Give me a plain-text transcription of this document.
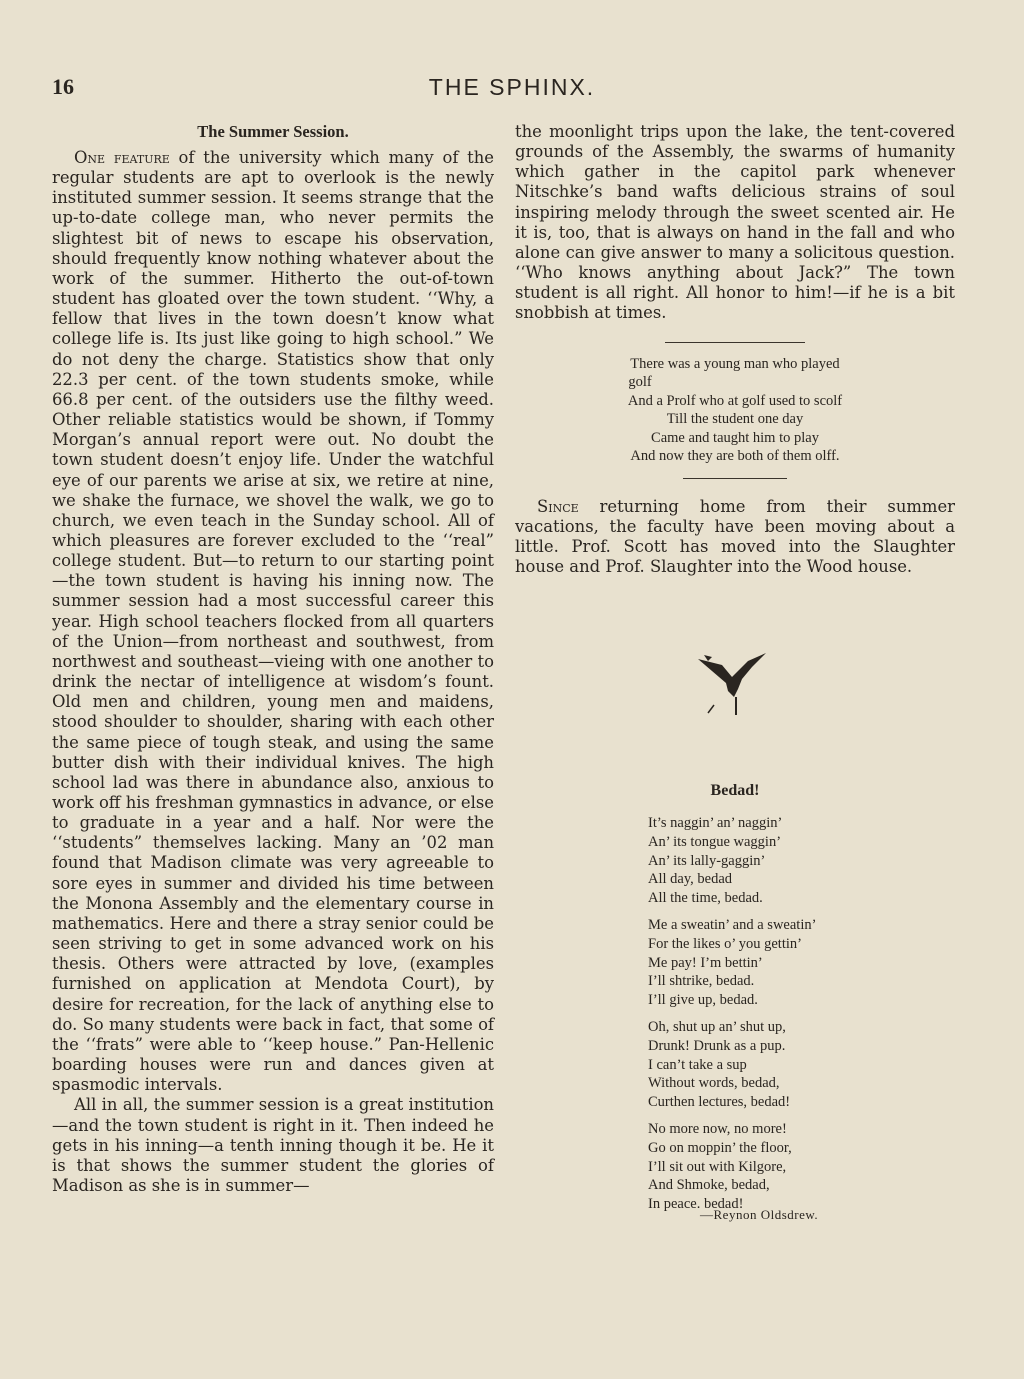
16	THE SPHINX.
The Summer Session.

One feature of the university which many of the regular students are apt to overlook is the newly instituted summer session. It seems strange that the up-to-date college man, who never permits the slightest bit of news to escape his observation, should frequently know nothing whatever about the work of the summer. Hitherto the out-of-town student has gloated over the town student. ‘‘Why, a fellow that lives in the town doesn’t know what college life is. Its just like going to high school.” We do not deny the charge. Statistics show that only 22.3 per cent. of the town students smoke, while 66.8 per cent. of the outsiders use the filthy weed. Other reliable statistics would be shown, if Tommy Morgan’s annual report were out. No doubt the town student doesn’t enjoy life. Under the watchful eye of our parents we arise at six, we retire at nine, we shake the furnace, we shovel the walk, we go to church, we even teach in the Sunday school. All of which pleasures are forever excluded to the ‘‘real” college student. But—to return to our starting point—the town student is having his inning now. The summer session had a most successful career this year. High school teachers flocked from all quarters of the Union—from northeast and southwest, from northwest and southeast—vieing with one another to drink the nectar of intelligence at wisdom’s fount. Old men and children, young men and maidens, stood shoulder to shoulder, sharing with each other the same piece of tough steak, and using the same butter dish with their individual knives. The high school lad was there in abundance also, anxious to work off his freshman gymnastics in advance, or else to graduate in a year and a half. Nor were the ‘‘students” themselves lacking. Many an ’02 man found that Madison climate was very agreeable to sore eyes in summer and divided his time between the Monona Assembly and the elementary course in mathematics. Here and there a stray senior could be seen striving to get in some advanced work on his thesis. Others were attracted by love, (examples furnished on application at Mendota Court), by desire for recreation, for the lack of anything else to do. So many students were back in fact, that some of the ‘‘frats” were able to ‘‘keep house.” Pan-Hellenic boarding houses were run and dances given at spasmodic intervals.

All in all, the summer session is a great institution—and the town student is right in it. Then indeed he gets in his inning—a tenth inning though it be. He it is that shows the summer student the glories of Madison as she is in summer—

the moonlight trips upon the lake, the tent-covered grounds of the Assembly, the swarms of humanity which gather in the capitol park whenever Nitschke’s band wafts delicious strains of soul inspiring melody through the sweet scented air. He it is, too, that is always on hand in the fall and who alone can give answer to many a solicitous question. ‘‘Who knows anything about Jack?” The town student is all right. All honor to him!—if he is a bit snobbish at times.

There was a young man who played
golf
And a Prolf who at golf used to scolf
Till the student one day
Came and taught him to play
And now they are both of them olff.

Since returning home from their summer vacations, the faculty have been moving about a little. Prof. Scott has moved into the Slaughter house and Prof. Slaughter into the Wood house.

Bedad!
It’s naggin’ an’ naggin’
An’ its tongue waggin’
An’ its lally-gaggin’
All day, bedad
All the time, bedad.
Me a sweatin’ and a sweatin’
For the likes o’ you gettin’
Me pay! I’m bettin’
I’ll shtrike, bedad.
I’ll give up, bedad.
Oh, shut up an’ shut up,
Drunk! Drunk as a pup.
I can’t take a sup
Without words, bedad,
Curthen lectures, bedad!
No more now, no more!
Go on moppin’ the floor,
I’ll sit out with Kilgore,
And Shmoke, bedad,
In peace. bedad!
—Reynon Oldsdrew.
